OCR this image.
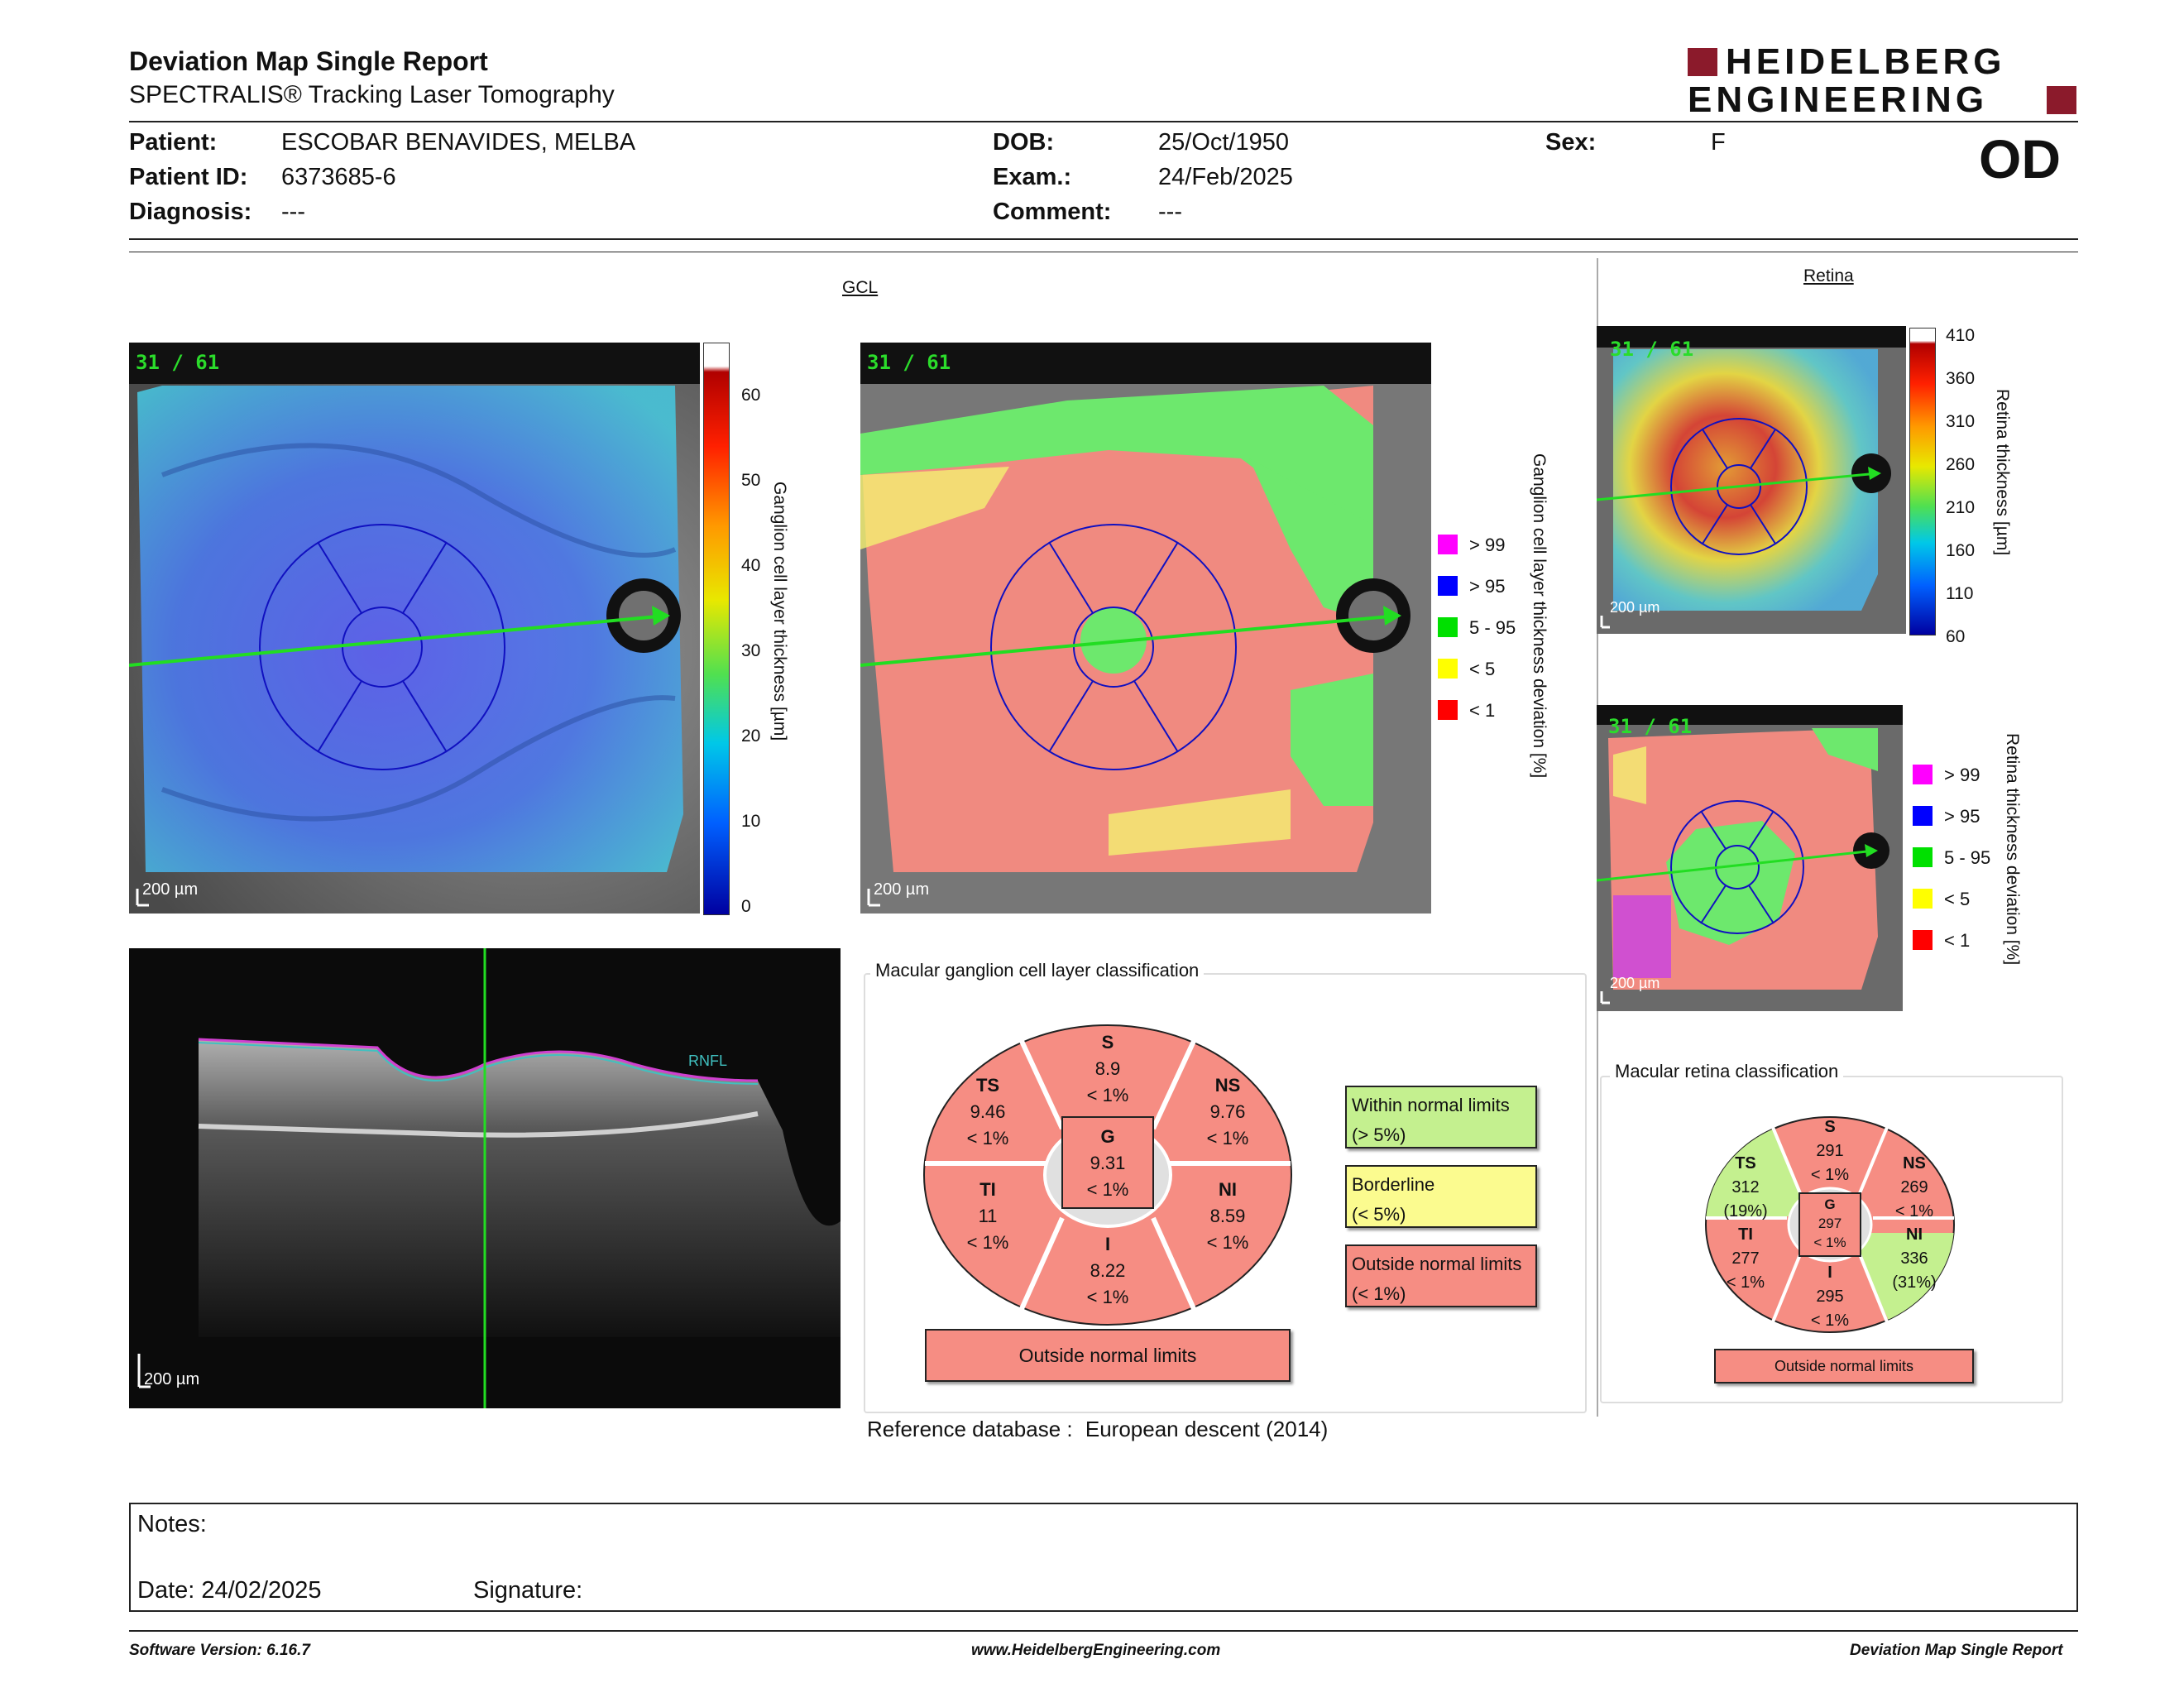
Deviation Map Single Report
SPECTRALIS® Tracking Laser Tomography
HEIDELBERG
ENGINEERING
Patient:	ESCOBAR BENAVIDES, MELBA
Patient ID: 6373685-6
Diagnosis: ---
DOB:	25/Oct/1950
Exam.:	24/Feb/2025
Comment: ---
Sex:	F	OD
GCL
31 / 61
200 µm
60
50
40
30
20
10
0
Ganglion cell layer thickness [µm]
31 / 61
200 µm
> 99
> 95
5 - 95
< 5
< 1 Ganglion cell layer thickness deviation [%]
RNFL
200 µm
Macular ganglion cell layer classification
S
8.9
< 1%
TS
9.46
< 1%
NS
9.76
< 1%
G
9.31
< 1%
TI
11
< 1%
NI
8.59
< 1%
I
8.22
< 1%
Outside normal limits
Within normal limits
(> 5%)
Borderline
(< 5%)
Outside normal limits
(< 1%)
Reference database : European descent (2014)
Retina
31 / 61
200 µm
410
360
310
260
210
160
110
60
Retina thickness [µm]
31 / 61
200 µm
> 99
> 95
5 - 95
< 5
< 1 Retina thickness deviation [%]
Macular retina classification
S
291
< 1%
TS
312
(19%)
NS
269
< 1%
G
297
< 1%
TI
277
< 1%
NI
336
(31%)
I
295
< 1%
Outside normal limits
Notes:
Date: 24/02/2025	Signature:
Software Version: 6.16.7	www.HeidelbergEngineering.com	Deviation Map Single Report
